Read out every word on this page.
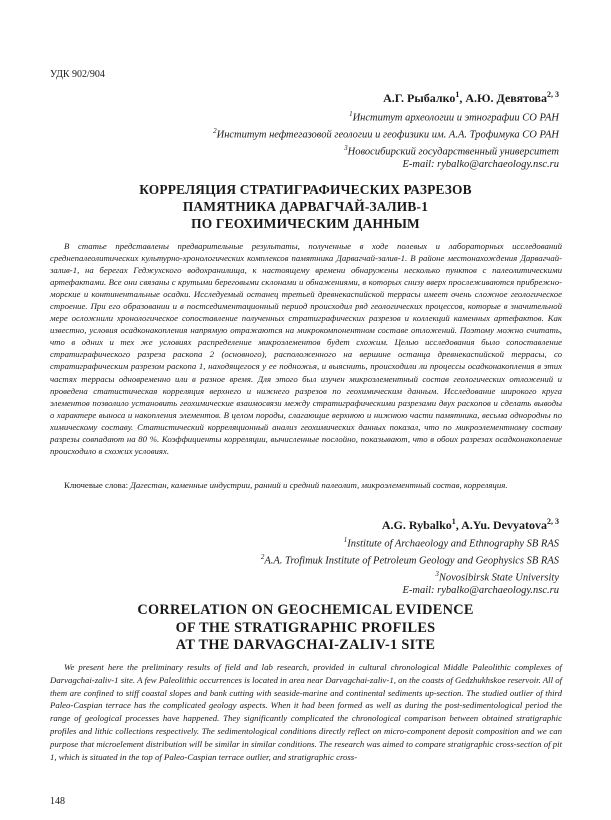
УДК 902/904
А.Г. Рыбалко$^1$, А.Ю. Девятова$^{2, 3}$
$^1$Институт археологии и этнографии СО РАН
$^2$Институт нефтегазовой геологии и геофизики им. А.А. Трофимука СО РАН
$^3$Новосибирский государственный университет
E-mail: rybalko@archaeology.nsc.ru
КОРРЕЛЯЦИЯ СТРАТИГРАФИЧЕСКИХ РАЗРЕЗОВ
ПАМЯТНИКА ДАРВАГЧАЙ-ЗАЛИВ-1
ПО ГЕОХИМИЧЕСКИМ ДАННЫМ

В статье представлены предварительные результаты, полученные в ходе полевых и лабораторных исследований среднепалеолитических культурно-хронологических комплексов памятника Дарвагчай-залив-1. В районе местонахождения Дарвагчай-залив-1, на берегах Геджухского водохранилища, к настоящему времени обнаружены несколько пунктов с палеолитическими артефактами. Все они связаны с крутыми береговыми склонами и обнажениями, в которых снизу вверх прослеживаются прибрежно-морские и континентальные осадки. Исследуемый останец третьей древнекаспийской террасы имеет очень сложное геологическое строение. При его образовании и в постседиментационный период происходил ряд геологических процессов, которые в значительной мере осложнили хронологическое сопоставление полученных стратиграфических разрезов и коллекций каменных артефактов. Как известно, условия осадконакопления напрямую отражаются на микрокомпонентном составе отложений. Поэтому можно считать, что в одних и тех же условиях распределение микроэлементов будет схожим. Целью исследования было сопоставление стратиграфического разреза раскопа 2 (основного), расположенного на вершине останца древнекаспийской террасы, со стратиграфическим разрезом раскопа 1, находящегося у ее подножья, и выяснить, происходили ли процессы осадконакопления в этих частях террасы одновременно или в разное время. Для этого был изучен микроэлементный состав геологических отложений и проведена статистическая корреляция верхнего и нижнего разрезов по геохимическим данным. Исследование широкого круга элементов позволило установить геохимические взаимосвязи между стратиграфическими разрезами двух раскопов и сделать выводы о характере выноса и накопления элементов. В целом породы, слагающие верхнюю и нижнюю части памятника, весьма однородны по химическому составу. Статистический корреляционный анализ геохимических данных показал, что по микроэлементному составу разрезы совпадают на 80 %. Коэффициенты корреляции, вычисленные послойно, показывают, что в обоих разрезах осадконакопление происходило в схожих условиях.

Ключевые слова: Дагестан, каменные индустрии, ранний и средний палеолит, микроэлементный состав, корреляция.
A.G. Rybalko$^1$, A.Yu. Devyatova$^{2, 3}$
$^1$Institute of Archaeology and Ethnography SB RAS
$^2$A.A. Trofimuk Institute of Petroleum Geology and Geophysics SB RAS
$^3$Novosibirsk State University
E-mail: rybalko@archaeology.nsc.ru
CORRELATION ON GEOCHEMICAL EVIDENCE
OF THE STRATIGRAPHIC PROFILES
AT THE DARVAGCHAI-ZALIV-1 SITE

We present here the preliminary results of field and lab research, provided in cultural chronological Middle Paleolithic complexes of Darvagchai-zaliv-1 site. A few Paleolithic occurrences is located in area near Darvagchai-zaliv-1, on the coasts of Gedzhukhskoe reservoir. All of them are confined to stiff coastal slopes and bank cutting with seaside-marine and continental sediments up-section. The studied outlier of third Paleo-Caspian terrace has the complicated geology aspects. When it had been formed as well as during the post-sedimentological period the range of geological processes have happened. They significantly complicated the chronological comparison between obtained stratigraphic profiles and lithic collections respectively. The sedimentological conditions directly reflect on micro-component deposit composition and we can purpose that microelement distribution will be similar in similar conditions. The research was aimed to compare stratigraphic cross-section of pit 1, which is situated in the top of Paleo-Caspian terrace outlier, and stratigraphic cross-

148
